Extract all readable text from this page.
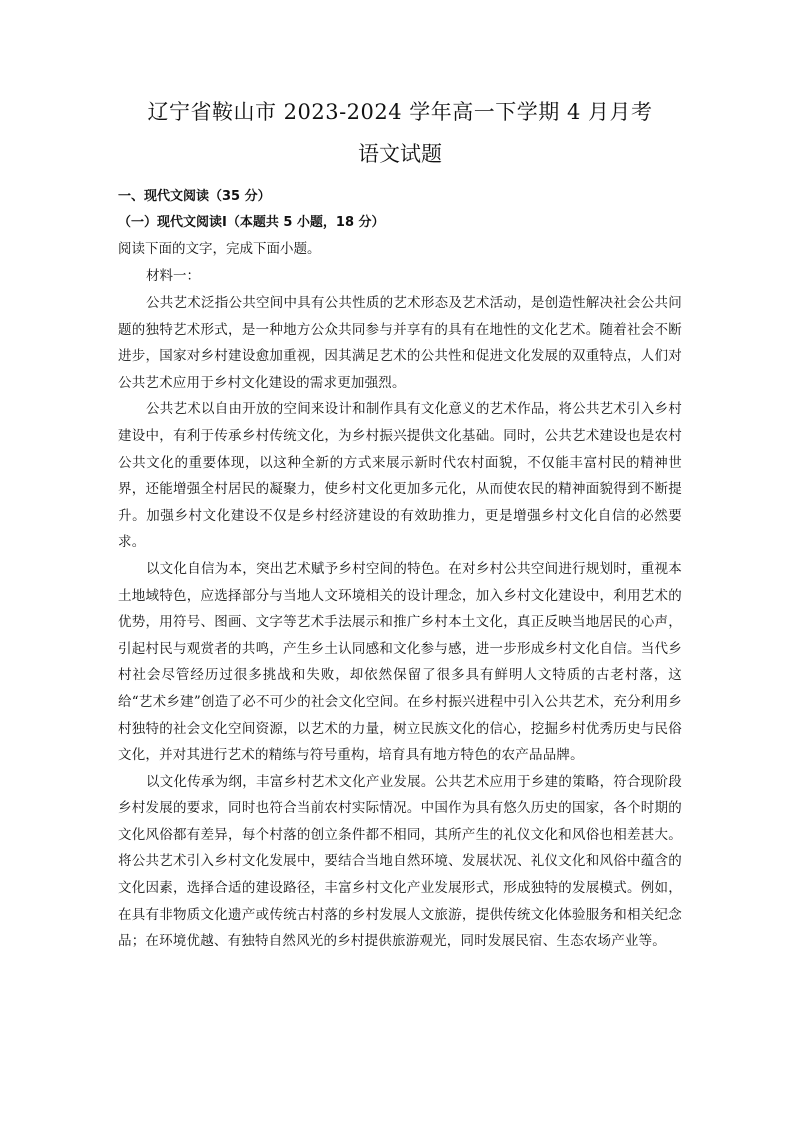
辽宁省鞍山市 2023-2024 学年高一下学期 4 月月考
语文试题

一、现代文阅读（35 分）

（一）现代文阅读Ⅰ（本题共 5 小题，18 分）

阅读下面的文字，完成下面小题。

材料一：

公共艺术泛指公共空间中具有公共性质的艺术形态及艺术活动，是创造性解决社会公共问题的独特艺术形式，是一种地方公众共同参与并享有的具有在地性的文化艺术。随着社会不断进步，国家对乡村建设愈加重视，因其满足艺术的公共性和促进文化发展的双重特点，人们对公共艺术应用于乡村文化建设的需求更加强烈。

公共艺术以自由开放的空间来设计和制作具有文化意义的艺术作品，将公共艺术引入乡村建设中，有利于传承乡村传统文化，为乡村振兴提供文化基础。同时，公共艺术建设也是农村公共文化的重要体现，以这种全新的方式来展示新时代农村面貌，不仅能丰富村民的精神世界，还能增强全村居民的凝聚力，使乡村文化更加多元化，从而使农民的精神面貌得到不断提升。加强乡村文化建设不仅是乡村经济建设的有效助推力，更是增强乡村文化自信的必然要求。

以文化自信为本，突出艺术赋予乡村空间的特色。在对乡村公共空间进行规划时，重视本土地域特色，应选择部分与当地人文环境相关的设计理念，加入乡村文化建设中，利用艺术的优势，用符号、图画、文字等艺术手法展示和推广乡村本土文化，真正反映当地居民的心声，引起村民与观赏者的共鸣，产生乡土认同感和文化参与感，进一步形成乡村文化自信。当代乡村社会尽管经历过很多挑战和失败，却依然保留了很多具有鲜明人文特质的古老村落，这给“艺术乡建”创造了必不可少的社会文化空间。在乡村振兴进程中引入公共艺术，充分利用乡村独特的社会文化空间资源，以艺术的力量，树立民族文化的信心，挖掘乡村优秀历史与民俗文化，并对其进行艺术的精练与符号重构，培育具有地方特色的农产品品牌。

以文化传承为纲，丰富乡村艺术文化产业发展。公共艺术应用于乡建的策略，符合现阶段乡村发展的要求，同时也符合当前农村实际情况。中国作为具有悠久历史的国家，各个时期的文化风俗都有差异，每个村落的创立条件都不相同，其所产生的礼仪文化和风俗也相差甚大。将公共艺术引入乡村文化发展中，要结合当地自然环境、发展状况、礼仪文化和风俗中蕴含的文化因素，选择合适的建设路径，丰富乡村文化产业发展形式，形成独特的发展模式。例如，在具有非物质文化遗产或传统古村落的乡村发展人文旅游，提供传统文化体验服务和相关纪念品；在环境优越、有独特自然风光的乡村提供旅游观光，同时发展民宿、生态农场产业等。
